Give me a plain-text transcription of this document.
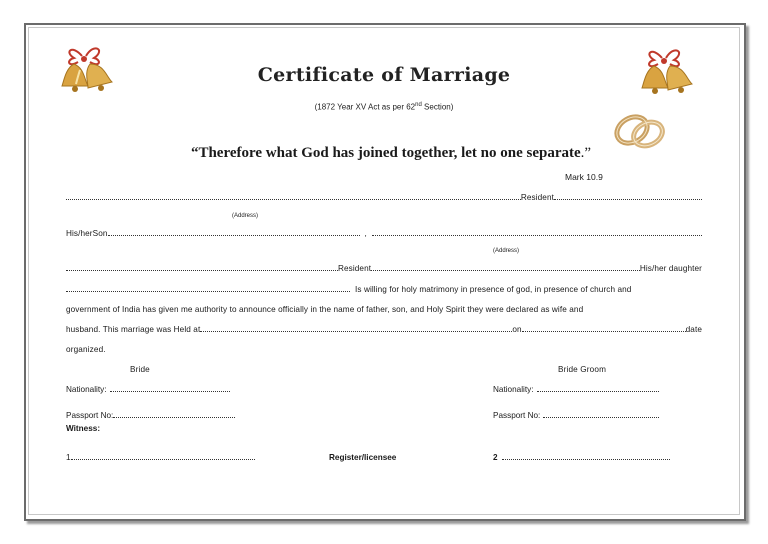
Certificate of Marriage
(1872 Year XV Act as per 62nd Section)
“Therefore what God has joined together, let no one separate.”
Mark 10.9
Resident
(Address)
His/herSon	,
(Address)
Resident	His/her daughter
Is willing for holy matrimony in presence of god, in presence of church and
government of India has given me authority to announce officially in the name of father, son, and Holy Spirit they were declared as wife and
husband. This marriage was Held at	on	date
organized.
Bride	Bride Groom
Nationality:	Nationality:
Passport No:	Passport No:
Witness:
1	Register/licensee	2
